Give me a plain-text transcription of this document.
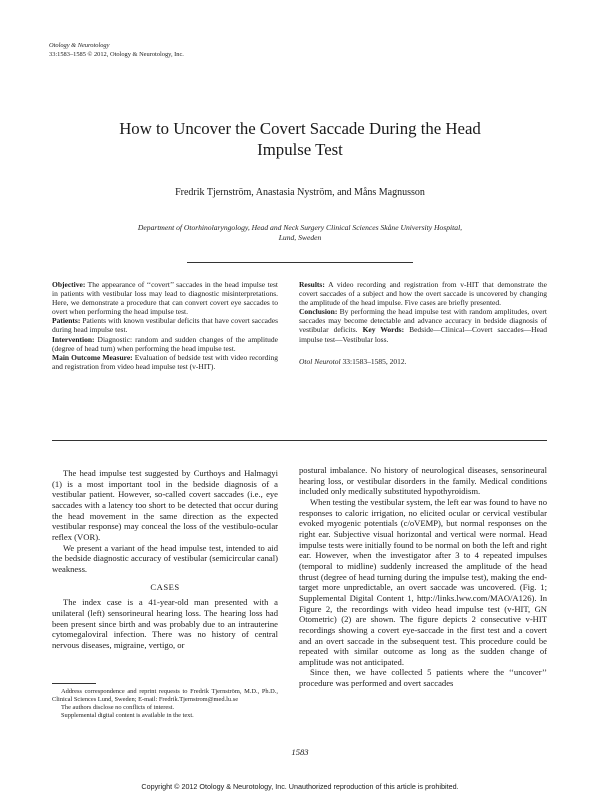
Otology & Neurotology
33:1583–1585 © 2012, Otology & Neurotology, Inc.
How to Uncover the Covert Saccade During the Head
Impulse Test
Fredrik Tjernström, Anastasia Nyström, and Måns Magnusson
Department of Otorhinolaryngology, Head and Neck Surgery Clinical Sciences Skåne University Hospital,
Lund, Sweden

Objective: The appearance of ‘‘covert’’ saccades in the head impulse test in patients with vestibular loss may lead to diagnostic misinterpretations. Here, we demonstrate a procedure that can convert covert eye saccades to overt when performing the head impulse test.

Patients: Patients with known vestibular deficits that have covert saccades during head impulse test.

Intervention: Diagnostic: random and sudden changes of the amplitude (degree of head turn) when performing the head impulse test.

Main Outcome Measure: Evaluation of bedside test with video recording and registration from video head impulse test (v-HIT).

Results: A video recording and registration from v-HIT that demonstrate the covert saccades of a subject and how the overt saccade is uncovered by changing the amplitude of the head impulse. Five cases are briefly presented.

Conclusion: By performing the head impulse test with random amplitudes, overt saccades may become detectable and advance accuracy in bedside diagnosis of vestibular deficits. Key Words: Bedside—Clinical—Covert saccades—Head impulse test—Vestibular loss.

Otol Neurotol 33:1583–1585, 2012.

The head impulse test suggested by Curthoys and Halmagyi (1) is a most important tool in the bedside diagnosis of a vestibular patient. However, so-called covert saccades (i.e., eye saccades with a latency too short to be detected that occur during the head movement in the same direction as the expected vestibular response) may conceal the loss of the vestibulo-ocular reflex (VOR).

We present a variant of the head impulse test, intended to aid the bedside diagnostic accuracy of vestibular (semicircular canal) weakness.

CASES

The index case is a 41-year-old man presented with a unilateral (left) sensorineural hearing loss. The hearing loss had been present since birth and was probably due to an intrauterine cytomegaloviral infection. There was no history of central nervous diseases, migraine, vertigo, or

Address correspondence and reprint requests to Fredrik Tjernström, M.D., Ph.D., Clinical Sciences Lund, Sweden; E-mail: Fredrik.Tjernstrom@med.lu.se

The authors disclose no conflicts of interest.

Supplemental digital content is available in the text.

postural imbalance. No history of neurological diseases, sensorineural hearing loss, or vestibular disorders in the family. Medical conditions included only medically substituted hypothyroidism.

When testing the vestibular system, the left ear was found to have no responses to caloric irrigation, no elicited ocular or cervical vestibular evoked myogenic potentials (c/oVEMP), but normal responses on the right ear. Subjective visual horizontal and vertical were normal. Head impulse tests were initially found to be normal on both the left and right ear. However, when the investigator after 3 to 4 repeated impulses (temporal to midline) suddenly increased the amplitude of the head thrust (degree of head turning during the impulse test), making the end-target more unpredictable, an overt saccade was uncovered. (Fig. 1; Supplemental Digital Content 1, http://links.lww.com/MAO/A126). In Figure 2, the recordings with video head impulse test (v-HIT, GN Otometric) (2) are shown. The figure depicts 2 consecutive v-HIT recordings showing a covert eye-saccade in the first test and a covert and an overt saccade in the subsequent test. This procedure could be repeated with similar outcome as long as the sudden change of amplitude was not anticipated.

Since then, we have collected 5 patients where the ‘‘uncover’’ procedure was performed and overt saccades

1583
Copyright © 2012 Otology & Neurotology, Inc. Unauthorized reproduction of this article is prohibited.
